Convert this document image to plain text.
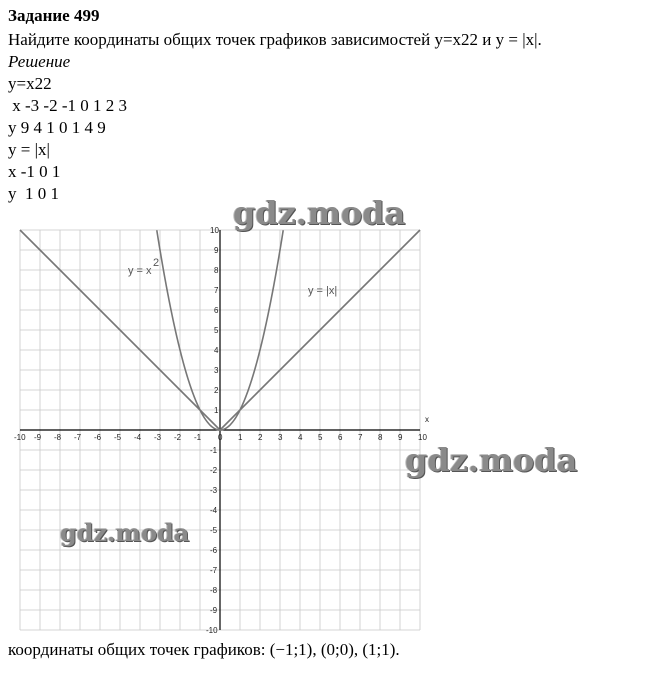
Задание 499
Найдите координаты общих точек графиков зависимостей y=x22 и y = |x|.
Решение
y=x22
x -3 -2 -1 0 1 2 3
y 9 4 1 0 1 4 9
y = |x|
x -1 0 1
y  1 0 1
x
-10 -9 -8 -7 -6 -5 -4 -3 -2 -1 0 1 2 3 4 5 6 7 8 9 10
-10
-9
-8
-7
-6
-5
-4
-3
-2
-1
1
2
3
4
5
6
7
8
9
10
y = x
2
y = |x|
gdz.moda
gdz.moda
gdz.moda
координаты общих точек графиков: (−1;1), (0;0), (1;1).
